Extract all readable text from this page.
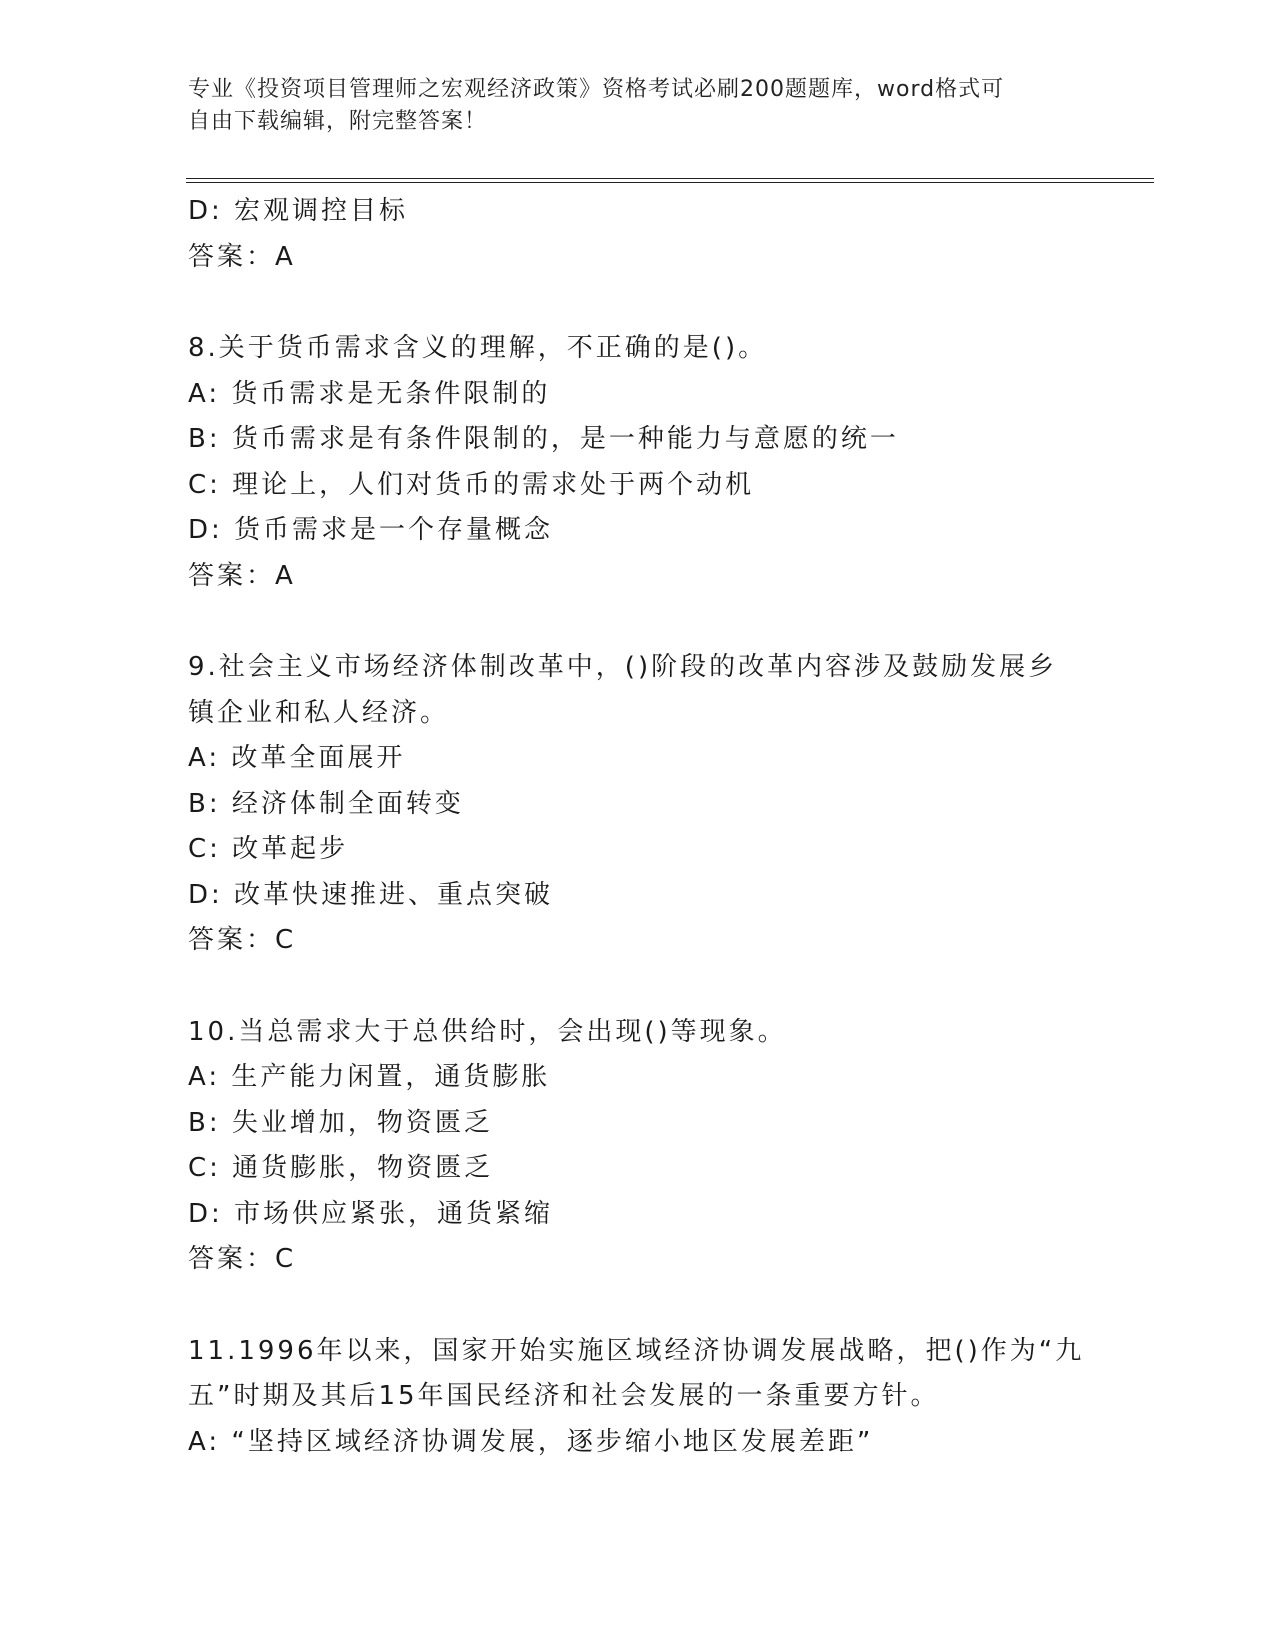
专业《投资项目管理师之宏观经济政策》资格考试必刷200题题库，word格式可
自由下载编辑，附完整答案！
D: 宏观调控目标
答案：A
8.关于货币需求含义的理解，不正确的是()。
A: 货币需求是无条件限制的
B: 货币需求是有条件限制的，是一种能力与意愿的统一
C: 理论上，人们对货币的需求处于两个动机
D: 货币需求是一个存量概念
答案：A
9.社会主义市场经济体制改革中，()阶段的改革内容涉及鼓励发展乡
镇企业和私人经济。
A: 改革全面展开
B: 经济体制全面转变
C: 改革起步
D: 改革快速推进、重点突破
答案：C
10.当总需求大于总供给时，会出现()等现象。
A: 生产能力闲置，通货膨胀
B: 失业增加，物资匮乏
C: 通货膨胀，物资匮乏
D: 市场供应紧张，通货紧缩
答案：C
11.1996年以来，国家开始实施区域经济协调发展战略，把()作为“九
五”时期及其后15年国民经济和社会发展的一条重要方针。
A: “坚持区域经济协调发展，逐步缩小地区发展差距”
